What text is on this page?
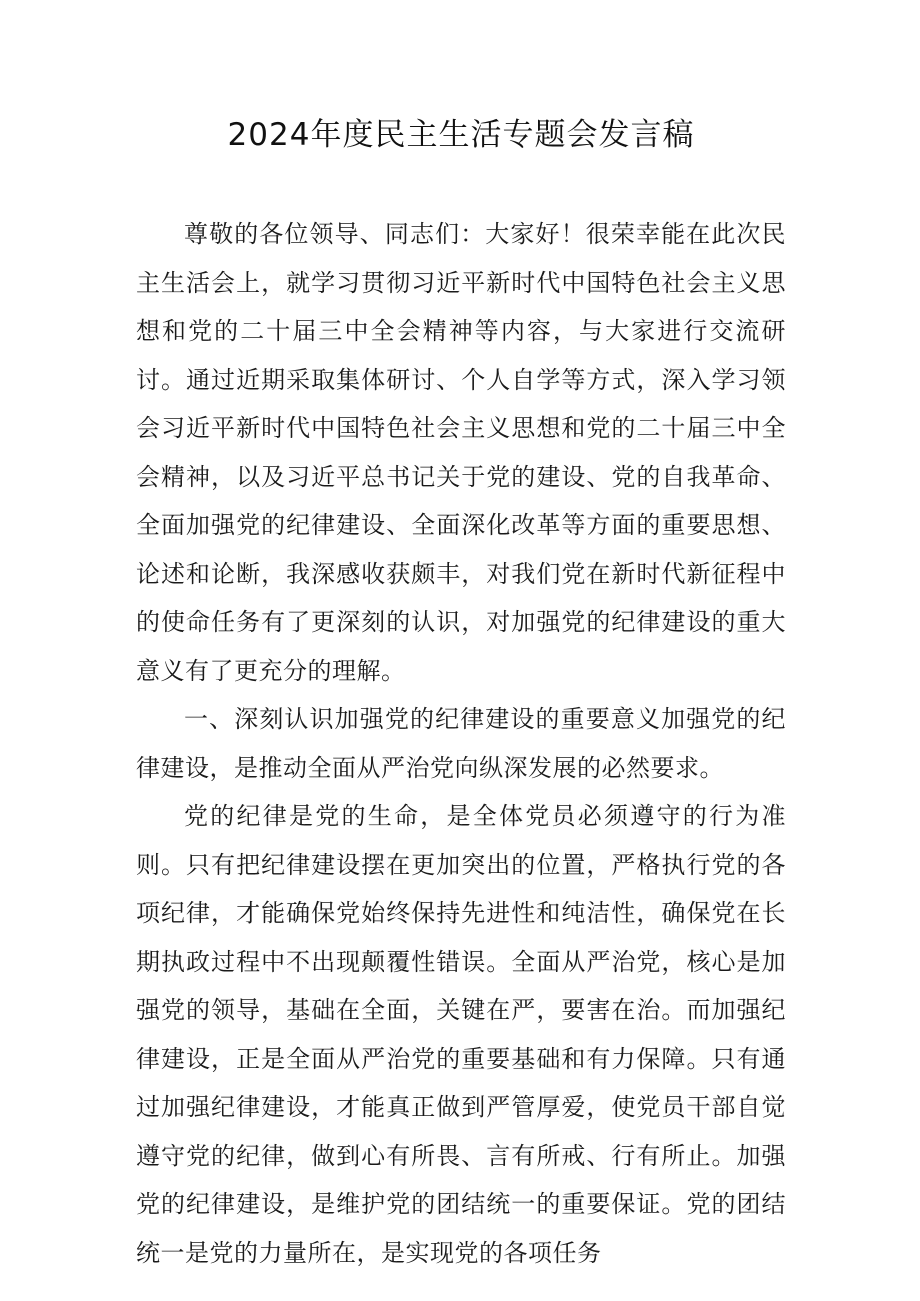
2024年度民主生活专题会发言稿

尊敬的各位领导、同志们：大家好！很荣幸能在此次民主生活会上，就学习贯彻习近平新时代中国特色社会主义思想和党的二十届三中全会精神等内容，与大家进行交流研讨。通过近期采取集体研讨、个人自学等方式，深入学习领会习近平新时代中国特色社会主义思想和党的二十届三中全会精神，以及习近平总书记关于党的建设、党的自我革命、全面加强党的纪律建设、全面深化改革等方面的重要思想、论述和论断，我深感收获颇丰，对我们党在新时代新征程中的使命任务有了更深刻的认识，对加强党的纪律建设的重大意义有了更充分的理解。

一、深刻认识加强党的纪律建设的重要意义加强党的纪律建设，是推动全面从严治党向纵深发展的必然要求。

党的纪律是党的生命，是全体党员必须遵守的行为准则。只有把纪律建设摆在更加突出的位置，严格执行党的各项纪律，才能确保党始终保持先进性和纯洁性，确保党在长期执政过程中不出现颠覆性错误。全面从严治党，核心是加强党的领导，基础在全面，关键在严，要害在治。而加强纪律建设，正是全面从严治党的重要基础和有力保障。只有通过加强纪律建设，才能真正做到严管厚爱，使党员干部自觉遵守党的纪律，做到心有所畏、言有所戒、行有所止。加强党的纪律建设，是维护党的团结统一的重要保证。党的团结统一是党的力量所在，是实现党的各项任务
